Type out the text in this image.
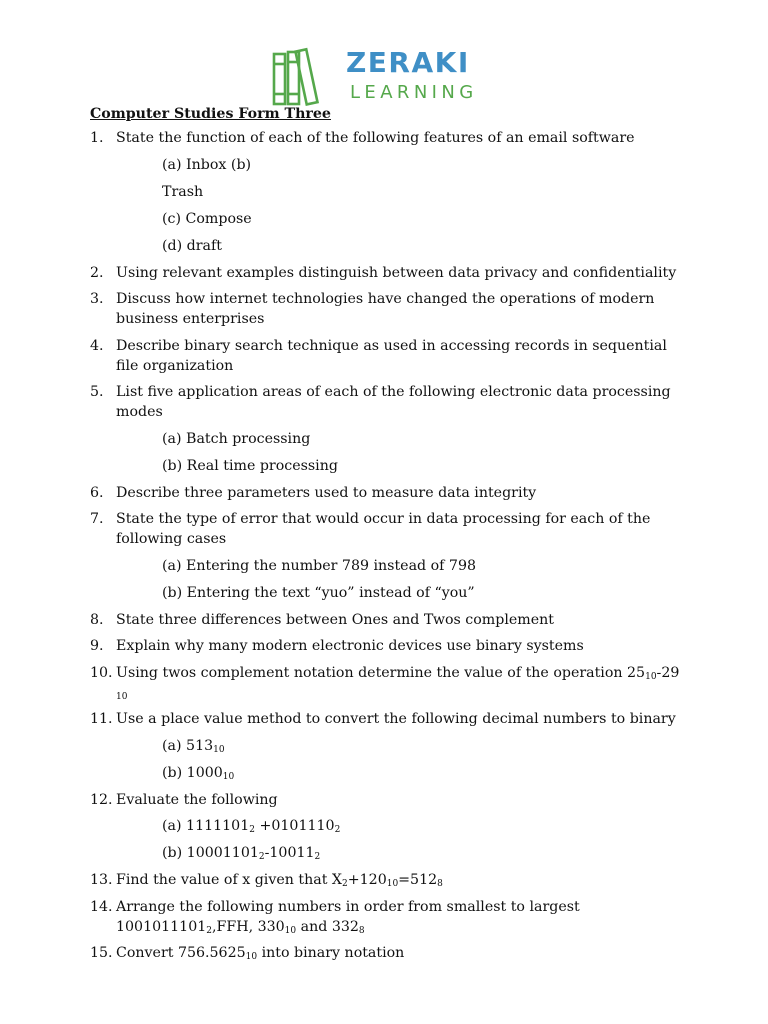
ZERAKI
LEARNING
Computer Studies Form Three
1. State the function of each of the following features of an email software
(a) Inbox (b)
Trash
(c) Compose
(d) draft
2. Using relevant examples distinguish between data privacy and confidentiality
3. Discuss how internet technologies have changed the operations of modern business enterprises
4. Describe binary search technique as used in accessing records in sequential file organization
5. List five application areas of each of the following electronic data processing modes
(a) Batch processing
(b) Real time processing
6. Describe three parameters used to measure data integrity
7. State the type of error that would occur in data processing for each of the following cases
(a) Entering the number 789 instead of 798
(b) Entering the text “yuo” instead of “you”
8. State three differences between Ones and Twos complement
9. Explain why many modern electronic devices use binary systems
10. Using twos complement notation determine the value of the operation $25_{10}-29$ $_{10}$
11. Use a place value method to convert the following decimal numbers to binary
(a) $513_{10}$
(b) $1000_{10}$
12. Evaluate the following
(a) $1111101_2 +0101110_2$
(b) $10001101_2-10011_2$
13. Find the value of x given that $X_2+120_{10}=512_8$
14. Arrange the following numbers in order from smallest to largest $1001011101_2,FFH$, $330_{10}$ and $332_8$
15. Convert $756.5625_{10}$ into binary notation
